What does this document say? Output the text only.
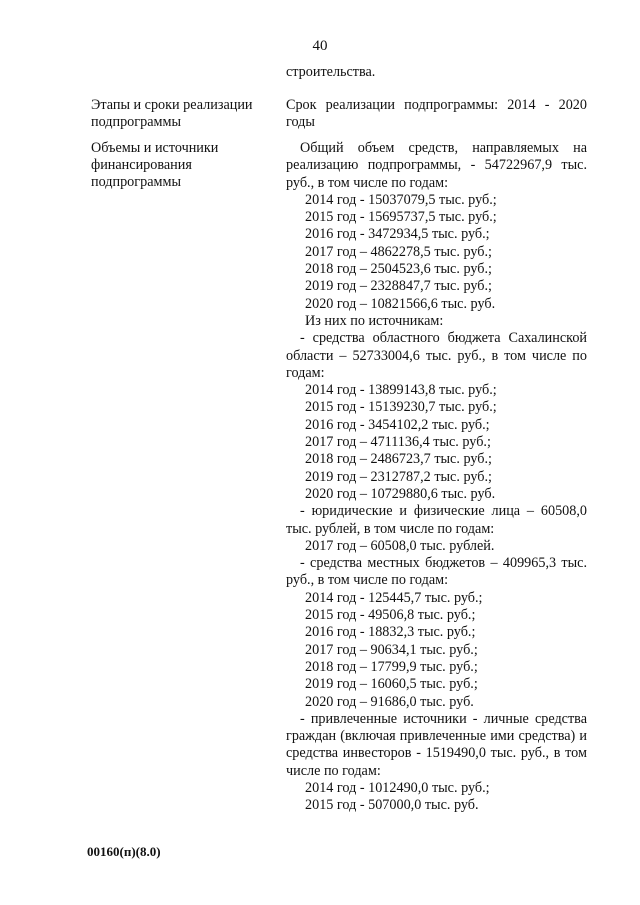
40
строительства.
Этапы и сроки реализации подпрограммы
Срок реализации подпрограммы: 2014 - 2020 годы
Объемы и источники финансирования подпрограммы

Общий объем средств, направляемых на реализацию подпрограммы, - 54722967,9 тыс. руб., в том числе по годам:

2014 год - 15037079,5 тыс. руб.;

2015 год - 15695737,5 тыс. руб.;

2016 год - 3472934,5 тыс. руб.;

2017 год – 4862278,5 тыс. руб.;

2018 год – 2504523,6 тыс. руб.;

2019 год – 2328847,7 тыс. руб.;

2020 год – 10821566,6 тыс. руб.

Из них по источникам:

- средства областного бюджета Сахалинской области – 52733004,6 тыс. руб., в том числе по годам:

2014 год - 13899143,8 тыс. руб.;

2015 год - 15139230,7 тыс. руб.;

2016 год - 3454102,2 тыс. руб.;

2017 год – 4711136,4 тыс. руб.;

2018 год – 2486723,7 тыс. руб.;

2019 год – 2312787,2 тыс. руб.;

2020 год – 10729880,6 тыс. руб.

- юридические и физические лица – 60508,0 тыс. рублей, в том числе по годам:

2017 год – 60508,0 тыс. рублей.

- средства местных бюджетов – 409965,3 тыс. руб., в том числе по годам:

2014 год - 125445,7 тыс. руб.;

2015 год - 49506,8 тыс. руб.;

2016 год - 18832,3 тыс. руб.;

2017 год – 90634,1 тыс. руб.;

2018 год – 17799,9 тыс. руб.;

2019 год – 16060,5 тыс. руб.;

2020 год – 91686,0 тыс. руб.

- привлеченные источники - личные средства граждан (включая привлеченные ими средства) и средства инвесторов - 1519490,0 тыс. руб., в том числе по годам:

2014 год - 1012490,0 тыс. руб.;

2015 год - 507000,0 тыс. руб.

00160(п)(8.0)
